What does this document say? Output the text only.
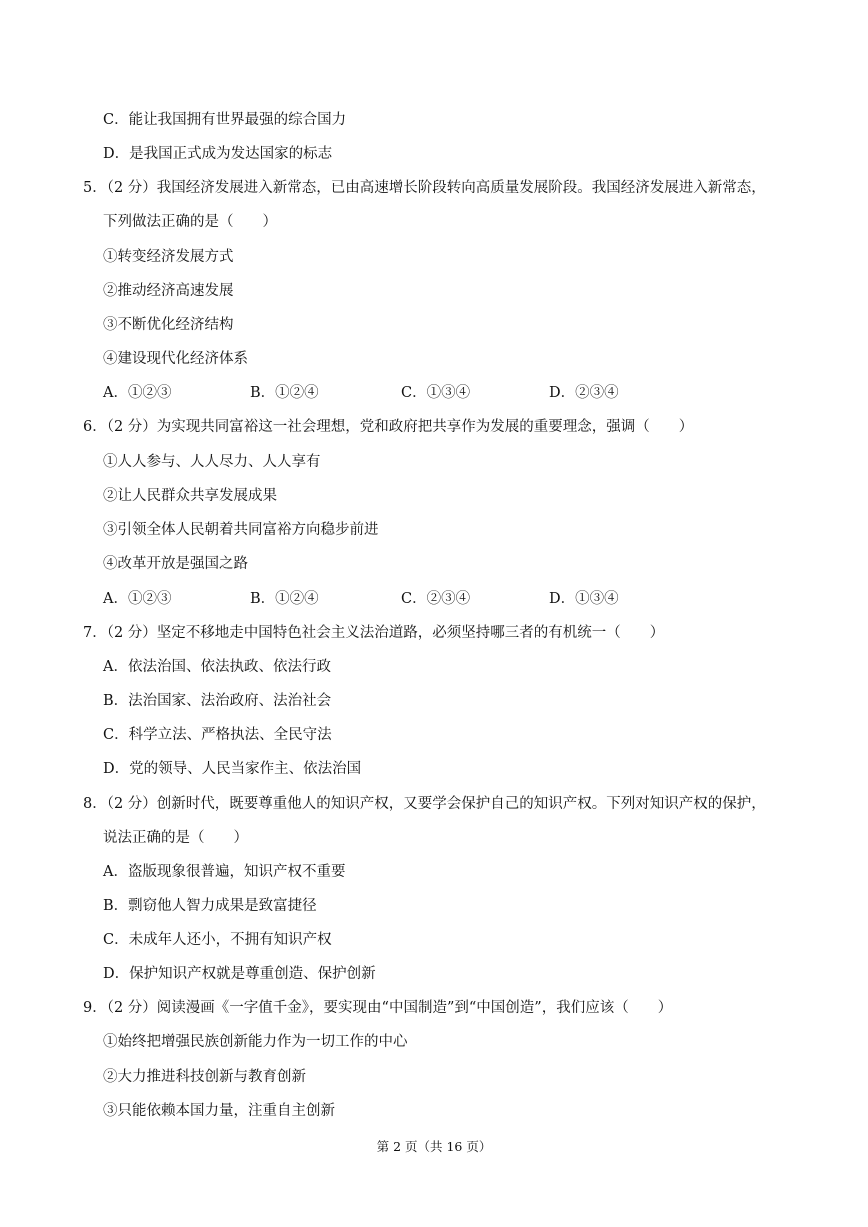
C．能让我国拥有世界最强的综合国力
D．是我国正式成为发达国家的标志
5．（2 分）我国经济发展进入新常态，已由高速增长阶段转向高质量发展阶段。我国经济发展进入新常态，
下列做法正确的是（　　）
①转变经济发展方式
②推动经济高速发展
③不断优化经济结构
④建设现代化经济体系
A．①②③	B．①②④	C．①③④	D．②③④
6．（2 分）为实现共同富裕这一社会理想，党和政府把共享作为发展的重要理念，强调（　　）
①人人参与、人人尽力、人人享有
②让人民群众共享发展成果
③引领全体人民朝着共同富裕方向稳步前进
④改革开放是强国之路
A．①②③	B．①②④	C．②③④	D．①③④
7．（2 分）坚定不移地走中国特色社会主义法治道路，必须坚持哪三者的有机统一（　　）
A．依法治国、依法执政、依法行政
B．法治国家、法治政府、法治社会
C．科学立法、严格执法、全民守法
D．党的领导、人民当家作主、依法治国
8．（2 分）创新时代，既要尊重他人的知识产权，又要学会保护自己的知识产权。下列对知识产权的保护，
说法正确的是（　　）
A．盗版现象很普遍，知识产权不重要
B．剽窃他人智力成果是致富捷径
C．未成年人还小，不拥有知识产权
D．保护知识产权就是尊重创造、保护创新
9．（2 分）阅读漫画《一字值千金》，要实现由“中国制造”到“中国创造”，我们应该（　　）
①始终把增强民族创新能力作为一切工作的中心
②大力推进科技创新与教育创新
③只能依赖本国力量，注重自主创新
第 2 页（共 16 页）
